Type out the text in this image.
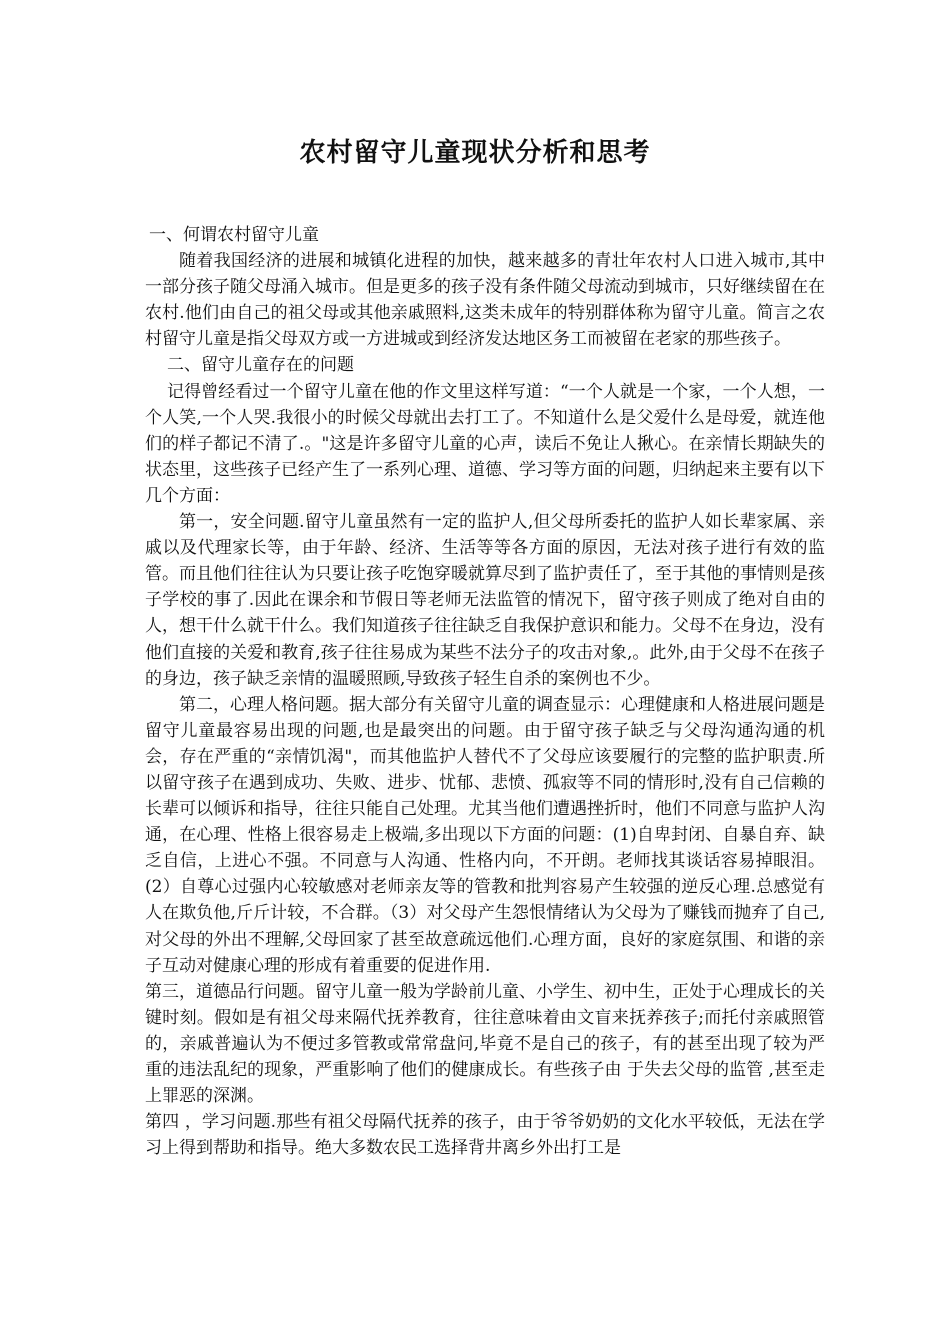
农村留守儿童现状分析和思考

一、何谓农村留守儿童

随着我国经济的进展和城镇化进程的加快，越来越多的青壮年农村人口进入城市,其中一部分孩子随父母涌入城市。但是更多的孩子没有条件随父母流动到城市，只好继续留在在农村.他们由自己的祖父母或其他亲戚照料,这类未成年的特别群体称为留守儿童。简言之农村留守儿童是指父母双方或一方进城或到经济发达地区务工而被留在老家的那些孩子。

二、留守儿童存在的问题

记得曾经看过一个留守儿童在他的作文里这样写道：“一个人就是一个家，一个人想，一个人笑,一个人哭.我很小的时候父母就出去打工了。不知道什么是父爱什么是母爱，就连他们的样子都记不清了.。"这是许多留守儿童的心声，读后不免让人揪心。在亲情长期缺失的状态里，这些孩子已经产生了一系列心理、道德、学习等方面的问题，归纳起来主要有以下几个方面：

第一，安全问题.留守儿童虽然有一定的监护人,但父母所委托的监护人如长辈家属、亲戚以及代理家长等，由于年龄、经济、生活等等各方面的原因，无法对孩子进行有效的监管。而且他们往往认为只要让孩子吃饱穿暖就算尽到了监护责任了，至于其他的事情则是孩子学校的事了.因此在课余和节假日等老师无法监管的情况下，留守孩子则成了绝对自由的人，想干什么就干什么。我们知道孩子往往缺乏自我保护意识和能力。父母不在身边，没有他们直接的关爱和教育,孩子往往易成为某些不法分子的攻击对象,。此外,由于父母不在孩子的身边，孩子缺乏亲情的温暖照顾,导致孩子轻生自杀的案例也不少。

第二，心理人格问题。据大部分有关留守儿童的调查显示：心理健康和人格进展问题是留守儿童最容易出现的问题,也是最突出的问题。由于留守孩子缺乏与父母沟通沟通的机会，存在严重的“亲情饥渴"，而其他监护人替代不了父母应该要履行的完整的监护职责.所以留守孩子在遇到成功、失败、进步、忧郁、悲愤、孤寂等不同的情形时,没有自己信赖的长辈可以倾诉和指导，往往只能自己处理。尤其当他们遭遇挫折时，他们不同意与监护人沟通，在心理、性格上很容易走上极端,多出现以下方面的问题：(1)自卑封闭、自暴自弃、缺乏自信，上进心不强。不同意与人沟通、性格内向，不开朗。老师找其谈话容易掉眼泪。(2）自尊心过强内心较敏感对老师亲友等的管教和批判容易产生较强的逆反心理.总感觉有人在欺负他,斤斤计较，不合群。（3）对父母产生怨恨情绪认为父母为了赚钱而抛弃了自己,对父母的外出不理解,父母回家了甚至故意疏远他们.心理方面，良好的家庭氛围、和谐的亲子互动对健康心理的形成有着重要的促进作用.

第三，道德品行问题。留守儿童一般为学龄前儿童、小学生、初中生，正处于心理成长的关键时刻。假如是有祖父母来隔代抚养教育，往往意味着由文盲来抚养孩子;而托付亲戚照管的，亲戚普遍认为不便过多管教或常常盘问,毕竟不是自己的孩子，有的甚至出现了较为严重的违法乱纪的现象，严重影响了他们的健康成长。有些孩子由 于失去父母的监管 ,甚至走上罪恶的深渊。

第四 ，学习问题.那些有祖父母隔代抚养的孩子，由于爷爷奶奶的文化水平较低，无法在学习上得到帮助和指导。绝大多数农民工选择背井离乡外出打工是
